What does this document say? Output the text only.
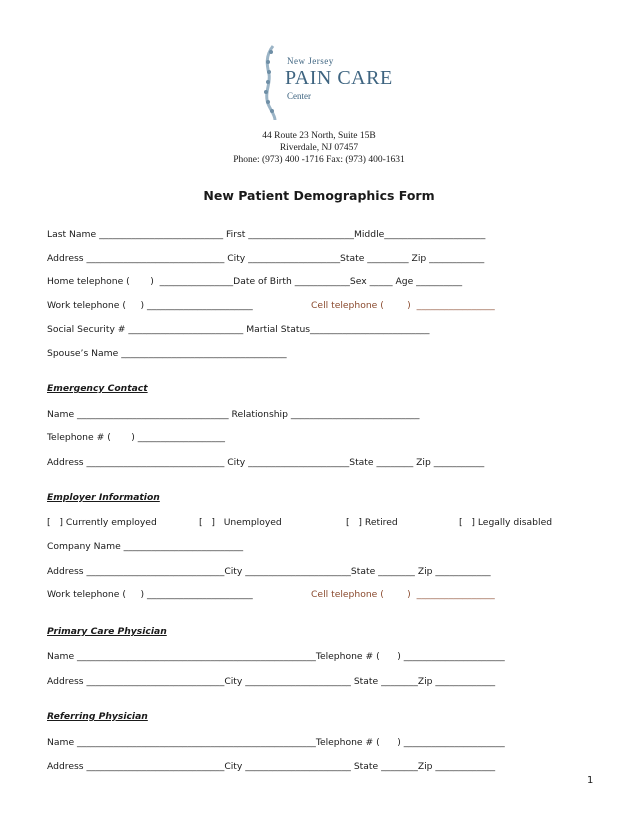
New Jersey
PAIN CARE
Center
44 Route 23 North, Suite 15B
Riverdale, NJ 07457
Phone: (973) 400 -1716 Fax: (973) 400-1631
New Patient Demographics Form
Last Name ___________________________ First _______________________Middle______________________
Address ______________________________ City ____________________State _________ Zip ____________
Home telephone (       )  ________________Date of Birth ____________Sex _____ Age __________
Work telephone (     ) _______________________	Cell telephone (        )  _________________
Social Security # _________________________ Martial Status__________________________
Spouse’s Name ____________________________________
Emergency Contact
Name _________________________________ Relationship ____________________________
Telephone # (       ) ___________________
Address ______________________________ City ______________________State ________ Zip ___________
Employer Information
[   ] Currently employed	[   ]   Unemployed	[   ] Retired	[   ] Legally disabled
Company Name __________________________
Address ______________________________City _______________________State ________ Zip ____________
Work telephone (     ) _______________________	Cell telephone (        )  _________________
Primary Care Physician
Name ____________________________________________________Telephone # (      ) ______________________
Address ______________________________City _______________________ State ________Zip _____________
Referring Physician
Name ____________________________________________________Telephone # (      ) ______________________
Address ______________________________City _______________________ State ________Zip _____________
1
